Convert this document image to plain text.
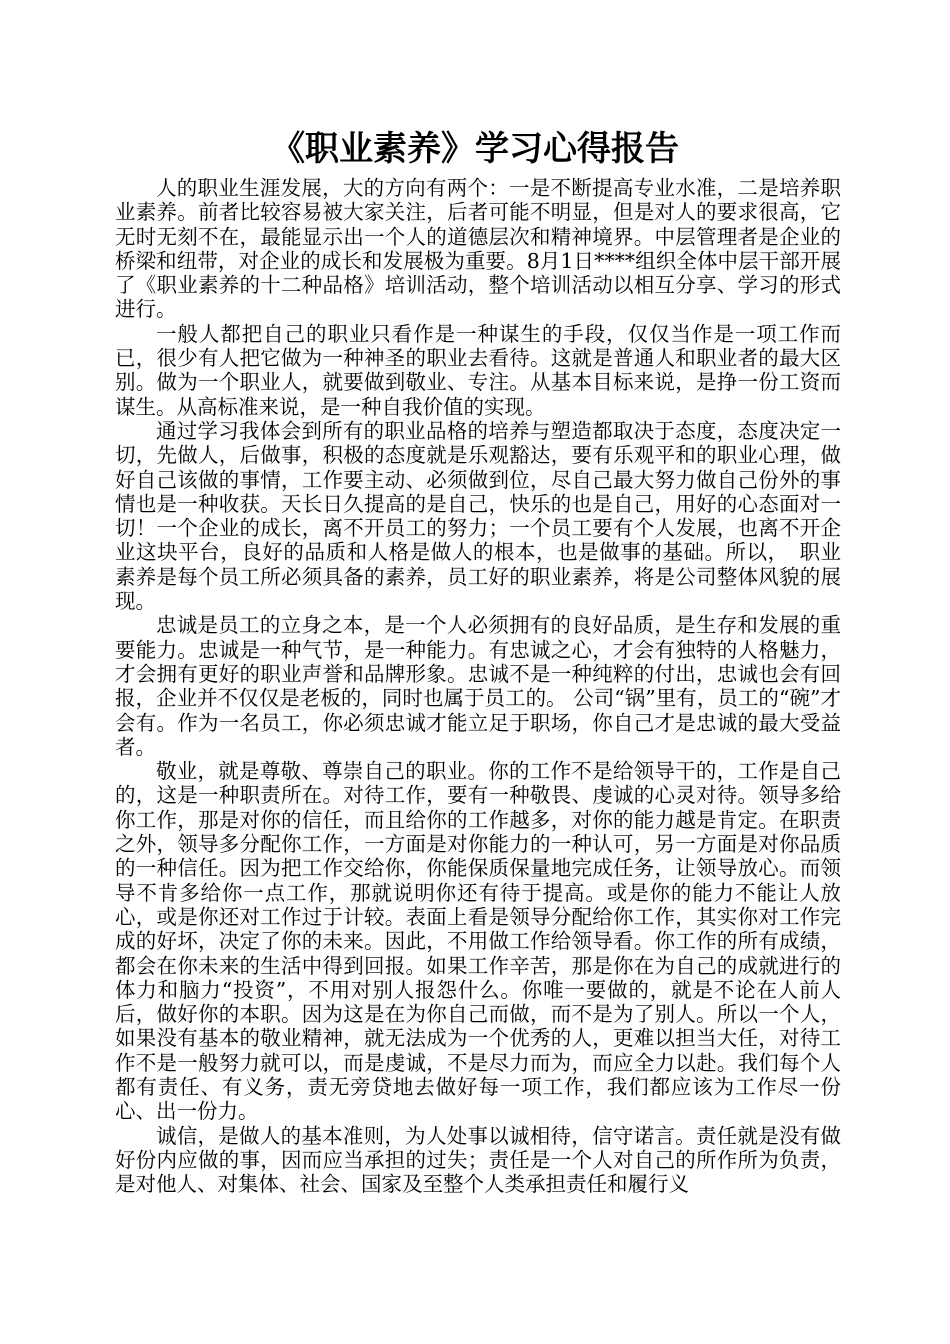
《职业素养》学习心得报告

人的职业生涯发展，大的方向有两个：一是不断提高专业水准，二是培养职业素养。前者比较容易被大家关注，后者可能不明显，但是对人的要求很高，它无时无刻不在，最能显示出一个人的道德层次和精神境界。中层管理者是企业的桥梁和纽带，对企业的成长和发展极为重要。8月1日****组织全体中层干部开展了《职业素养的十二种品格》培训活动，整个培训活动以相互分享、学习的形式进行。

一般人都把自己的职业只看作是一种谋生的手段，仅仅当作是一项工作而已，很少有人把它做为一种神圣的职业去看待。这就是普通人和职业者的最大区别。做为一个职业人，就要做到敬业、专注。从基本目标来说，是挣一份工资而谋生。从高标准来说，是一种自我价值的实现。

通过学习我体会到所有的职业品格的培养与塑造都取决于态度，态度决定一切，先做人，后做事，积极的态度就是乐观豁达，要有乐观平和的职业心理，做好自己该做的事情，工作要主动、必须做到位，尽自己最大努力做自己份外的事情也是一种收获。天长日久提高的是自己，快乐的也是自己，用好的心态面对一切！一个企业的成长，离不开员工的努力；一个员工要有个人发展，也离不开企业这块平台，良好的品质和人格是做人的根本，也是做事的基础。所以，　职业素养是每个员工所必须具备的素养，员工好的职业素养，将是公司整体风貌的展现。

忠诚是员工的立身之本，是一个人必须拥有的良好品质，是生存和发展的重要能力。忠诚是一种气节，是一种能力。有忠诚之心，才会有独特的人格魅力，才会拥有更好的职业声誉和品牌形象。忠诚不是一种纯粹的付出，忠诚也会有回报，企业并不仅仅是老板的，同时也属于员工的。 公司“锅”里有，员工的“碗”才会有。作为一名员工，你必须忠诚才能立足于职场，你自己才是忠诚的最大受益者。

敬业，就是尊敬、尊崇自己的职业。你的工作不是给领导干的，工作是自己的，这是一种职责所在。对待工作，要有一种敬畏、虔诚的心灵对待。领导多给你工作，那是对你的信任，而且给你的工作越多，对你的能力越是肯定。在职责之外，领导多分配你工作，一方面是对你能力的一种认可，另一方面是对你品质的一种信任。因为把工作交给你，你能保质保量地完成任务，让领导放心。而领导不肯多给你一点工作，那就说明你还有待于提高。或是你的能力不能让人放心，或是你还对工作过于计较。表面上看是领导分配给你工作，其实你对工作完成的好坏，决定了你的未来。因此，不用做工作给领导看。你工作的所有成绩，都会在你未来的生活中得到回报。如果工作辛苦，那是你在为自己的成就进行的体力和脑力“投资”，不用对别人报怨什么。你唯一要做的，就是不论在人前人后，做好你的本职。因为这是在为你自己而做，而不是为了别人。所以一个人，如果没有基本的敬业精神，就无法成为一个优秀的人，更难以担当大任，对待工作不是一般努力就可以，而是虔诚，不是尽力而为，而应全力以赴。我们每个人都有责任、有义务，责无旁贷地去做好每一项工作，我们都应该为工作尽一份心、出一份力。

诚信，是做人的基本准则，为人处事以诚相待，信守诺言。责任就是没有做好份内应做的事，因而应当承担的过失；责任是一个人对自己的所作所为负责，是对他人、对集体、社会、国家及至整个人类承担责任和履行义
